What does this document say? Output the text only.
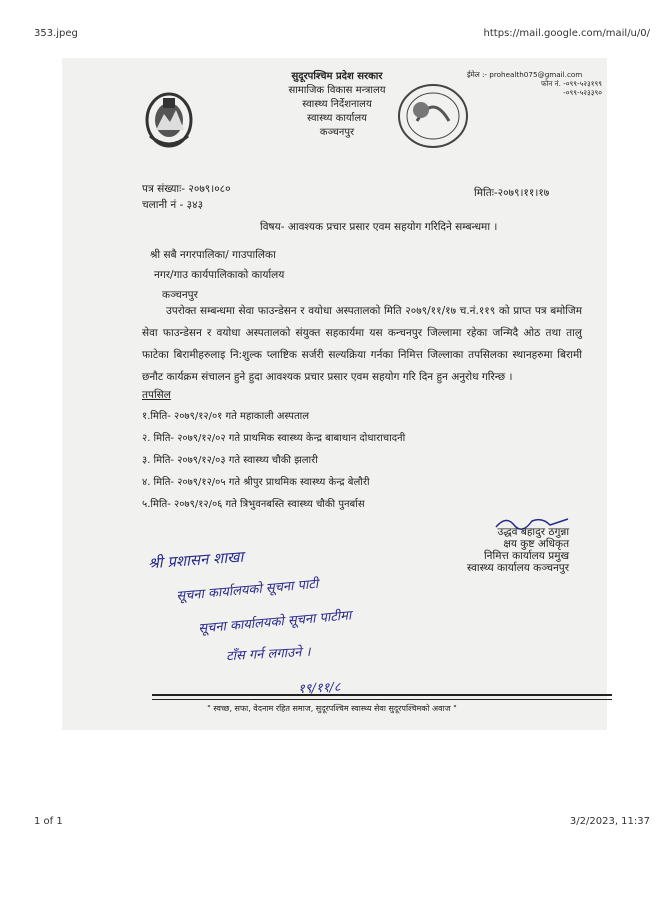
353.jpeg	https://mail.google.com/mail/u/0/
सुदूरपश्चिम प्रदेश सरकार
सामाजिक विकास मन्त्रालय
स्वास्थ्य निर्देशनालय
स्वास्थ्य कार्यालय
कञ्चनपुर
ईमेल :- prohealth075@gmail.com
फोन नं. -०९९-५२३१९९
-०९९-५२३३९०
पत्र संख्याः- २०७९।०८०
चलानी नं - ३४३
मितिः-२०७९।११।१७
विषय- आवश्यक प्रचार प्रसार एवम सहयोग गरिदिने सम्बन्धमा ।
श्री सबै नगरपालिका/ गाउपालिका
नगर/गाउ कार्यपालिकाको कार्यालय
कञ्चनपुर

उपरोक्त सम्बन्धमा सेवा फाउन्डेसन र वयोधा अस्पतालको मिति २०७९/११/१७ च.नं.११९ को प्राप्त पत्र बमोजिम सेवा फाउन्डेसन र वयोधा अस्पतालको संयुक्त सहकार्यमा यस कन्चनपुर जिल्लामा रहेका जन्मिदै ओठ तथा तालु फाटेका बिरामीहरुलाइ नि:शुल्क प्लाष्टिक सर्जरी सल्यक्रिया गर्नका निमित्त जिल्लाका तपसिलका स्थानहरुमा बिरामी छनौट कार्यक्रम संचालन हुने हुदा आवश्यक प्रचार प्रसार एवम सहयोग गरि दिन हुन अनुरोध गरिन्छ ।

तपसिल
१.मिति- २०७९/१२/०१ गते महाकाली अस्पताल
२. मिति- २०७९/१२/०२ गते प्राथमिक स्वास्थ्य केन्द्र बाबाथान दोधारा‌चादनी
३. मिति- २०७९/१२/०३ गते स्वास्थ्य चौकी झलारी
४. मिति- २०७९/१२/०५ गते श्रीपुर प्राथमिक स्वास्थ्य केन्द्र बेलौरी
५.मिति- २०७९/१२/०६ गते त्रिभुवनबस्ति स्वास्थ्य चौकी पुनर्बास
उद्धव बहादुर ठगुन्ना
क्षय कुष्ट अधिकृत
निमित्त कार्यालय प्रमुख
स्वास्थ्य कार्यालय कञ्चनपुर
श्री प्रशासन शाखा
सूचना कार्यालयको सूचना पाटी
सूचना कार्यालयको सूचना पाटीमा
टाँस गर्न लगाउने ।
१९/११/८
" स्वच्छ, सफा, वेदनाम रहित समाज, सुदूरपश्चिम स्वास्थ्य सेवा सुदूरपश्चिमको अवाज "
1 of 1	3/2/2023, 11:37
